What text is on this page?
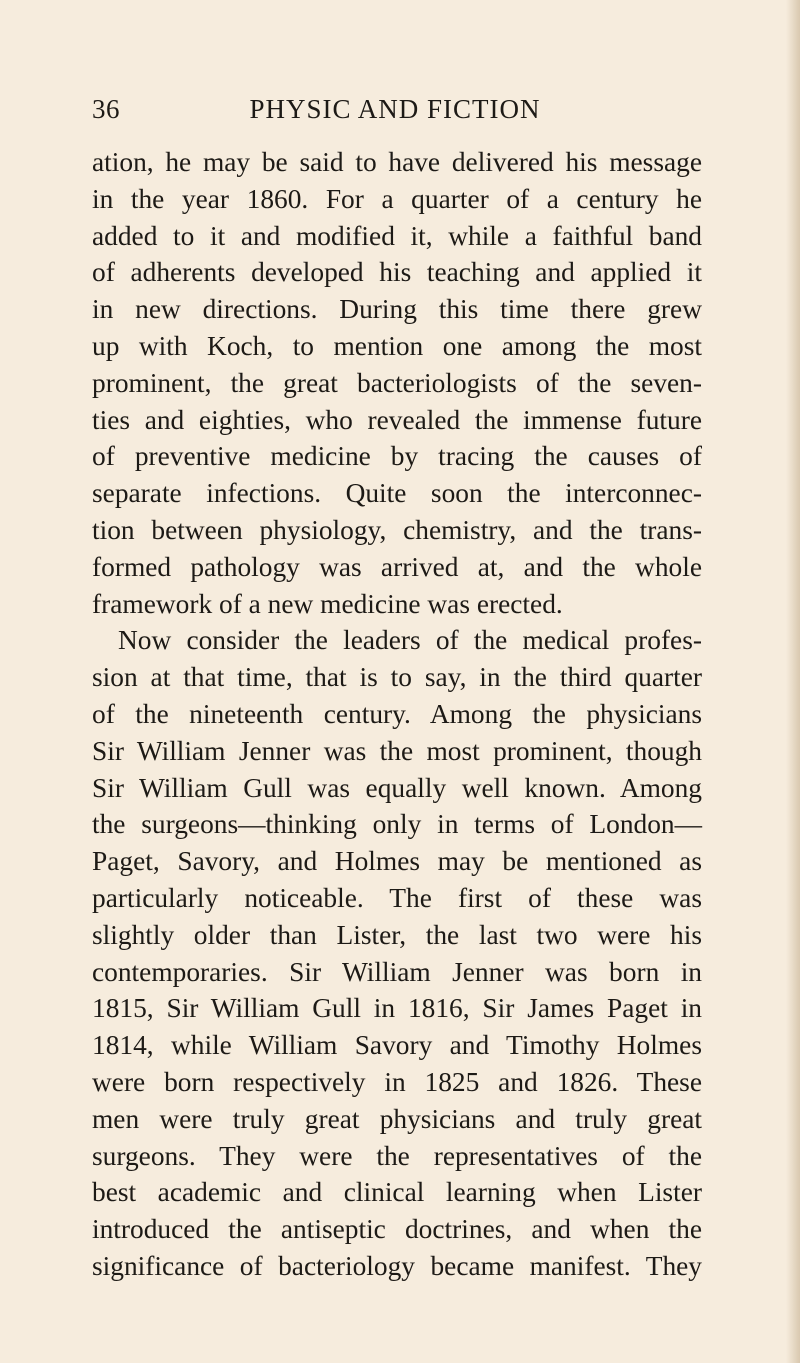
36	PHYSIC AND FICTION
ation, he may be said to have delivered his message
in the year 1860. For a quarter of a century he
added to it and modified it, while a faithful band
of adherents developed his teaching and applied it
in new directions. During this time there grew
up with Koch, to mention one among the most
prominent, the great bacteriologists of the seven-
ties and eighties, who revealed the immense future
of preventive medicine by tracing the causes of
separate infections. Quite soon the interconnec-
tion between physiology, chemistry, and the trans-
formed pathology was arrived at, and the whole
framework of a new medicine was erected.
Now consider the leaders of the medical profes-
sion at that time, that is to say, in the third quarter
of the nineteenth century. Among the physicians
Sir William Jenner was the most prominent, though
Sir William Gull was equally well known. Among
the surgeons—thinking only in terms of London—
Paget, Savory, and Holmes may be mentioned as
particularly noticeable. The first of these was
slightly older than Lister, the last two were his
contemporaries. Sir William Jenner was born in
1815, Sir William Gull in 1816, Sir James Paget in
1814, while William Savory and Timothy Holmes
were born respectively in 1825 and 1826. These
men were truly great physicians and truly great
surgeons. They were the representatives of the
best academic and clinical learning when Lister
introduced the antiseptic doctrines, and when the
significance of bacteriology became manifest. They
